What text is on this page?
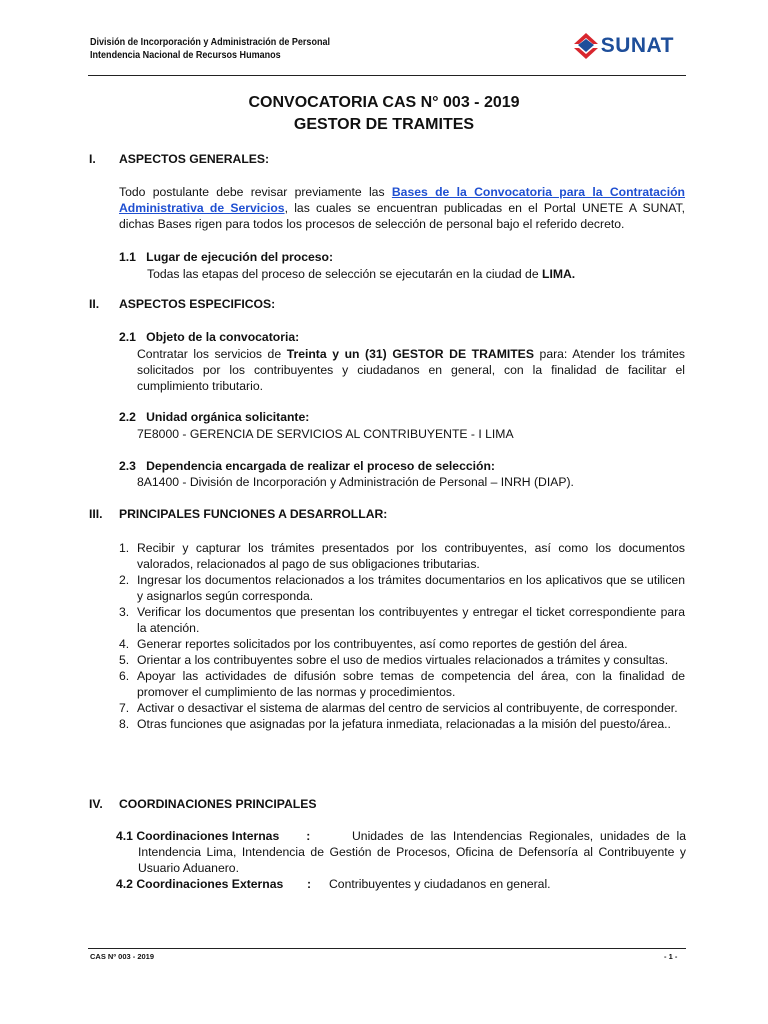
División de Incorporación y Administración de Personal
Intendencia Nacional de Recursos Humanos	SUNAT
CONVOCATORIA CAS N° 003 - 2019
GESTOR DE TRAMITES
I. ASPECTOS GENERALES:
Todo postulante debe revisar previamente las Bases de la Convocatoria para la Contratación Administrativa de Servicios, las cuales se encuentran publicadas en el Portal UNETE A SUNAT, dichas Bases rigen para todos los procesos de selección de personal bajo el referido decreto.
1.1 Lugar de ejecución del proceso:
Todas las etapas del proceso de selección se ejecutarán en la ciudad de LIMA.
II. ASPECTOS ESPECIFICOS:
2.1 Objeto de la convocatoria:
Contratar los servicios de Treinta y un (31) GESTOR DE TRAMITES para: Atender los trámites solicitados por los contribuyentes y ciudadanos en general, con la finalidad de facilitar el cumplimiento tributario.
2.2 Unidad orgánica solicitante:
7E8000 - GERENCIA DE SERVICIOS AL CONTRIBUYENTE - I LIMA
2.3 Dependencia encargada de realizar el proceso de selección:
8A1400 - División de Incorporación y Administración de Personal – INRH (DIAP).
III. PRINCIPALES FUNCIONES A DESARROLLAR:
1. Recibir y capturar los trámites presentados por los contribuyentes, así como los documentos valorados, relacionados al pago de sus obligaciones tributarias.
2. Ingresar los documentos relacionados a los trámites documentarios en los aplicativos que se utilicen y asignarlos según corresponda.
3. Verificar los documentos que presentan los contribuyentes y entregar el ticket correspondiente para la atención.
4. Generar reportes solicitados por los contribuyentes, así como reportes de gestión del área.
5. Orientar a los contribuyentes sobre el uso de medios virtuales relacionados a trámites y consultas.
6. Apoyar las actividades de difusión sobre temas de competencia del área, con la finalidad de promover el cumplimiento de las normas y procedimientos.
7. Activar o desactivar el sistema de alarmas del centro de servicios al contribuyente, de corresponder.
8. Otras funciones que asignadas por la jefatura inmediata, relacionadas a la misión del puesto/área..
IV. COORDINACIONES PRINCIPALES
4.1 Coordinaciones Internas        :	Unidades de las Intendencias Regionales, unidades de la Intendencia Lima, Intendencia de Gestión de Procesos, Oficina de Defensoría al Contribuyente y Usuario Aduanero.
4.2 Coordinaciones Externas       :	Contribuyentes y ciudadanos en general.
CAS Nº 003 - 2019	- 1 -
